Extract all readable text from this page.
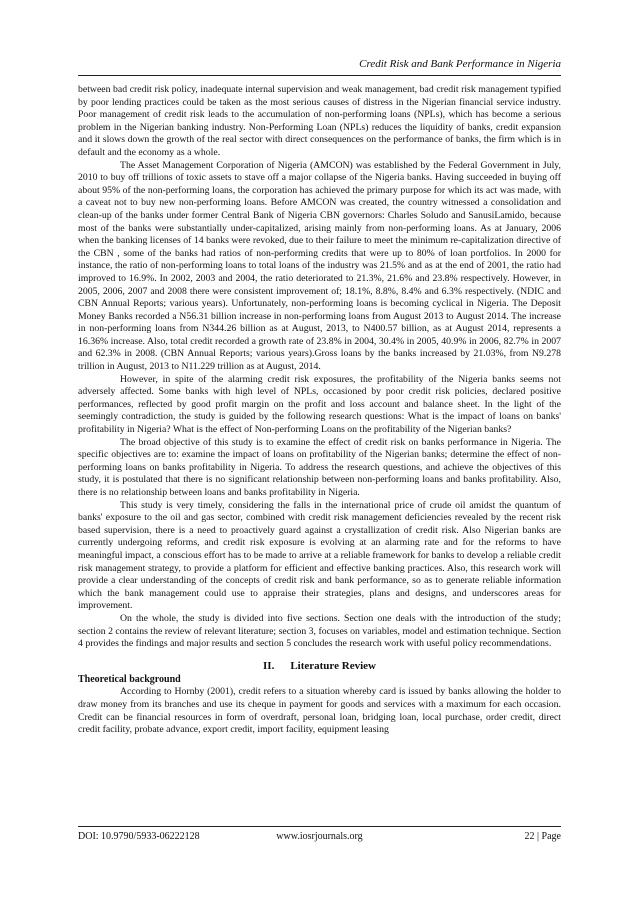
Credit Risk and Bank Performance in Nigeria

between bad credit risk policy, inadequate internal supervision and weak management, bad credit risk management typified by poor lending practices could be taken as the most serious causes of distress in the Nigerian financial service industry. Poor management of credit risk leads to the accumulation of non-performing loans (NPLs), which has become a serious problem in the Nigerian banking industry. Non-Performing Loan (NPLs) reduces the liquidity of banks, credit expansion and it slows down the growth of the real sector with direct consequences on the performance of banks, the firm which is in default and the economy as a whole.

The Asset Management Corporation of Nigeria (AMCON) was established by the Federal Government in July, 2010 to buy off trillions of toxic assets to stave off a major collapse of the Nigeria banks. Having succeeded in buying off about 95% of the non-performing loans, the corporation has achieved the primary purpose for which its act was made, with a caveat not to buy new non-performing loans. Before AMCON was created, the country witnessed a consolidation and clean-up of the banks under former Central Bank of Nigeria CBN governors: Charles Soludo and SanusiLamido, because most of the banks were substantially under-capitalized, arising mainly from non-performing loans. As at January, 2006 when the banking licenses of 14 banks were revoked, due to their failure to meet the minimum re-capitalization directive of the CBN , some of the banks had ratios of non-performing credits that were up to 80% of loan portfolios. In 2000 for instance, the ratio of non-performing loans to total loans of the industry was 21.5% and as at the end of 2001, the ratio had improved to 16.9%. In 2002, 2003 and 2004, the ratio deteriorated to 21.3%, 21.6% and 23.8% respectively. However, in 2005, 2006, 2007 and 2008 there were consistent improvement of; 18.1%, 8.8%, 8.4% and 6.3% respectively. (NDIC and CBN Annual Reports; various years). Unfortunately, non-performing loans is becoming cyclical in Nigeria. The Deposit Money Banks recorded a N56.31 billion increase in non-performing loans from August 2013 to August 2014. The increase in non-performing loans from N344.26 billion as at August, 2013, to N400.57 billion, as at August 2014, represents a 16.36% increase. Also, total credit recorded a growth rate of 23.8% in 2004, 30.4% in 2005, 40.9% in 2006, 82.7% in 2007 and 62.3% in 2008. (CBN Annual Reports; various years).Gross loans by the banks increased by 21.03%, from N9.278 trillion in August, 2013 to N11.229 trillion as at August, 2014.

However, in spite of the alarming credit risk exposures, the profitability of the Nigeria banks seems not adversely affected. Some banks with high level of NPLs, occasioned by poor credit risk policies, declared positive performances, reflected by good profit margin on the profit and loss account and balance sheet. In the light of the seemingly contradiction, the study is guided by the following research questions: What is the impact of loans on banks' profitability in Nigeria? What is the effect of Non-performing Loans on the profitability of the Nigerian banks?

The broad objective of this study is to examine the effect of credit risk on banks performance in Nigeria. The specific objectives are to: examine the impact of loans on profitability of the Nigerian banks; determine the effect of non-performing loans on banks profitability in Nigeria. To address the research questions, and achieve the objectives of this study, it is postulated that there is no significant relationship between non-performing loans and banks profitability. Also, there is no relationship between loans and banks profitability in Nigeria.

This study is very timely, considering the falls in the international price of crude oil amidst the quantum of banks' exposure to the oil and gas sector, combined with credit risk management deficiencies revealed by the recent risk based supervision, there is a need to proactively guard against a crystallization of credit risk. Also Nigerian banks are currently undergoing reforms, and credit risk exposure is evolving at an alarming rate and for the reforms to have meaningful impact, a conscious effort has to be made to arrive at a reliable framework for banks to develop a reliable credit risk management strategy, to provide a platform for efficient and effective banking practices. Also, this research work will provide a clear understanding of the concepts of credit risk and bank performance, so as to generate reliable information which the bank management could use to appraise their strategies, plans and designs, and underscores areas for improvement.

On the whole, the study is divided into five sections. Section one deals with the introduction of the study; section 2 contains the review of relevant literature; section 3, focuses on variables, model and estimation technique. Section 4 provides the findings and major results and section 5 concludes the research work with useful policy recommendations.

II. Literature Review
Theoretical background

According to Hornby (2001), credit refers to a situation whereby card is issued by banks allowing the holder to draw money from its branches and use its cheque in payment for goods and services with a maximum for each occasion. Credit can be financial resources in form of overdraft, personal loan, bridging loan, local purchase, order credit, direct credit facility, probate advance, export credit, import facility, equipment leasing

DOI: 10.9790/5933-06222128	www.iosrjournals.org	22 | Page
